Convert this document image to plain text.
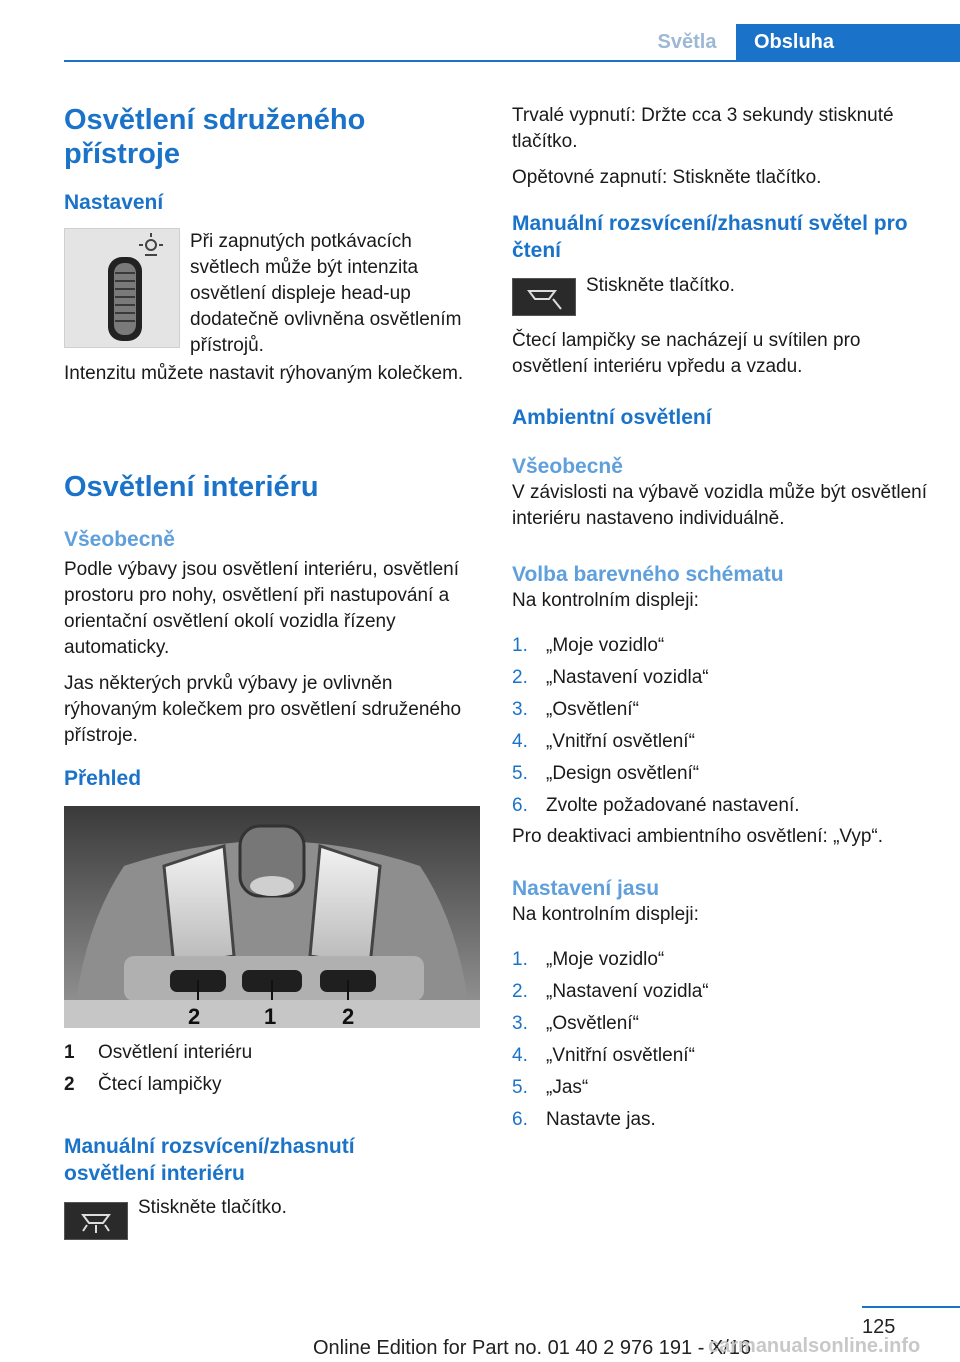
Světla	Obsluha
Osvětlení sdruženého přístroje
Nastavení

Při zapnutých potkávacích světlech může být intenzita osvětlení displeje head-up dodatečně ovlivněna osvětlením přístrojů.

Intenzitu můžete nastavit rýhovaným kolečkem.

Osvětlení interiéru
Všeobecně

Podle výbavy jsou osvětlení interiéru, osvětlení prostoru pro nohy, osvětlení při nastupování a orientační osvětlení okolí vozidla řízeny automaticky.

Jas některých prvků výbavy je ovlivněn rýhovaným kolečkem pro osvětlení sdruženého přístroje.

Přehled
2	1	2
1 Osvětlení interiéru
2 Čtecí lampičky
Manuální rozsvícení/zhasnutí osvětlení interiéru

Stiskněte tlačítko.

Trvalé vypnutí: Držte cca 3 sekundy stisknuté tlačítko.

Opětovné zapnutí: Stiskněte tlačítko.

Manuální rozsvícení/zhasnutí světel pro čtení

Stiskněte tlačítko.

Čtecí lampičky se nacházejí u svítilen pro osvětlení interiéru vpředu a vzadu.

Ambientní osvětlení
Všeobecně

V závislosti na výbavě vozidla může být osvětlení interiéru nastaveno individuálně.

Volba barevného schématu

Na kontrolním displeji:

1. „Moje vozidlo“
2. „Nastavení vozidla“
3. „Osvětlení“
4. „Vnitřní osvětlení“
5. „Design osvětlení“
6. Zvolte požadované nastavení.

Pro deaktivaci ambientního osvětlení: „Vyp“.

Nastavení jasu

Na kontrolním displeji:

1. „Moje vozidlo“
2. „Nastavení vozidla“
3. „Osvětlení“
4. „Vnitřní osvětlení“
5. „Jas“
6. Nastavte jas.
125
Online Edition for Part no. 01 40 2 976 191 - X/16
carmanualsonline.info
